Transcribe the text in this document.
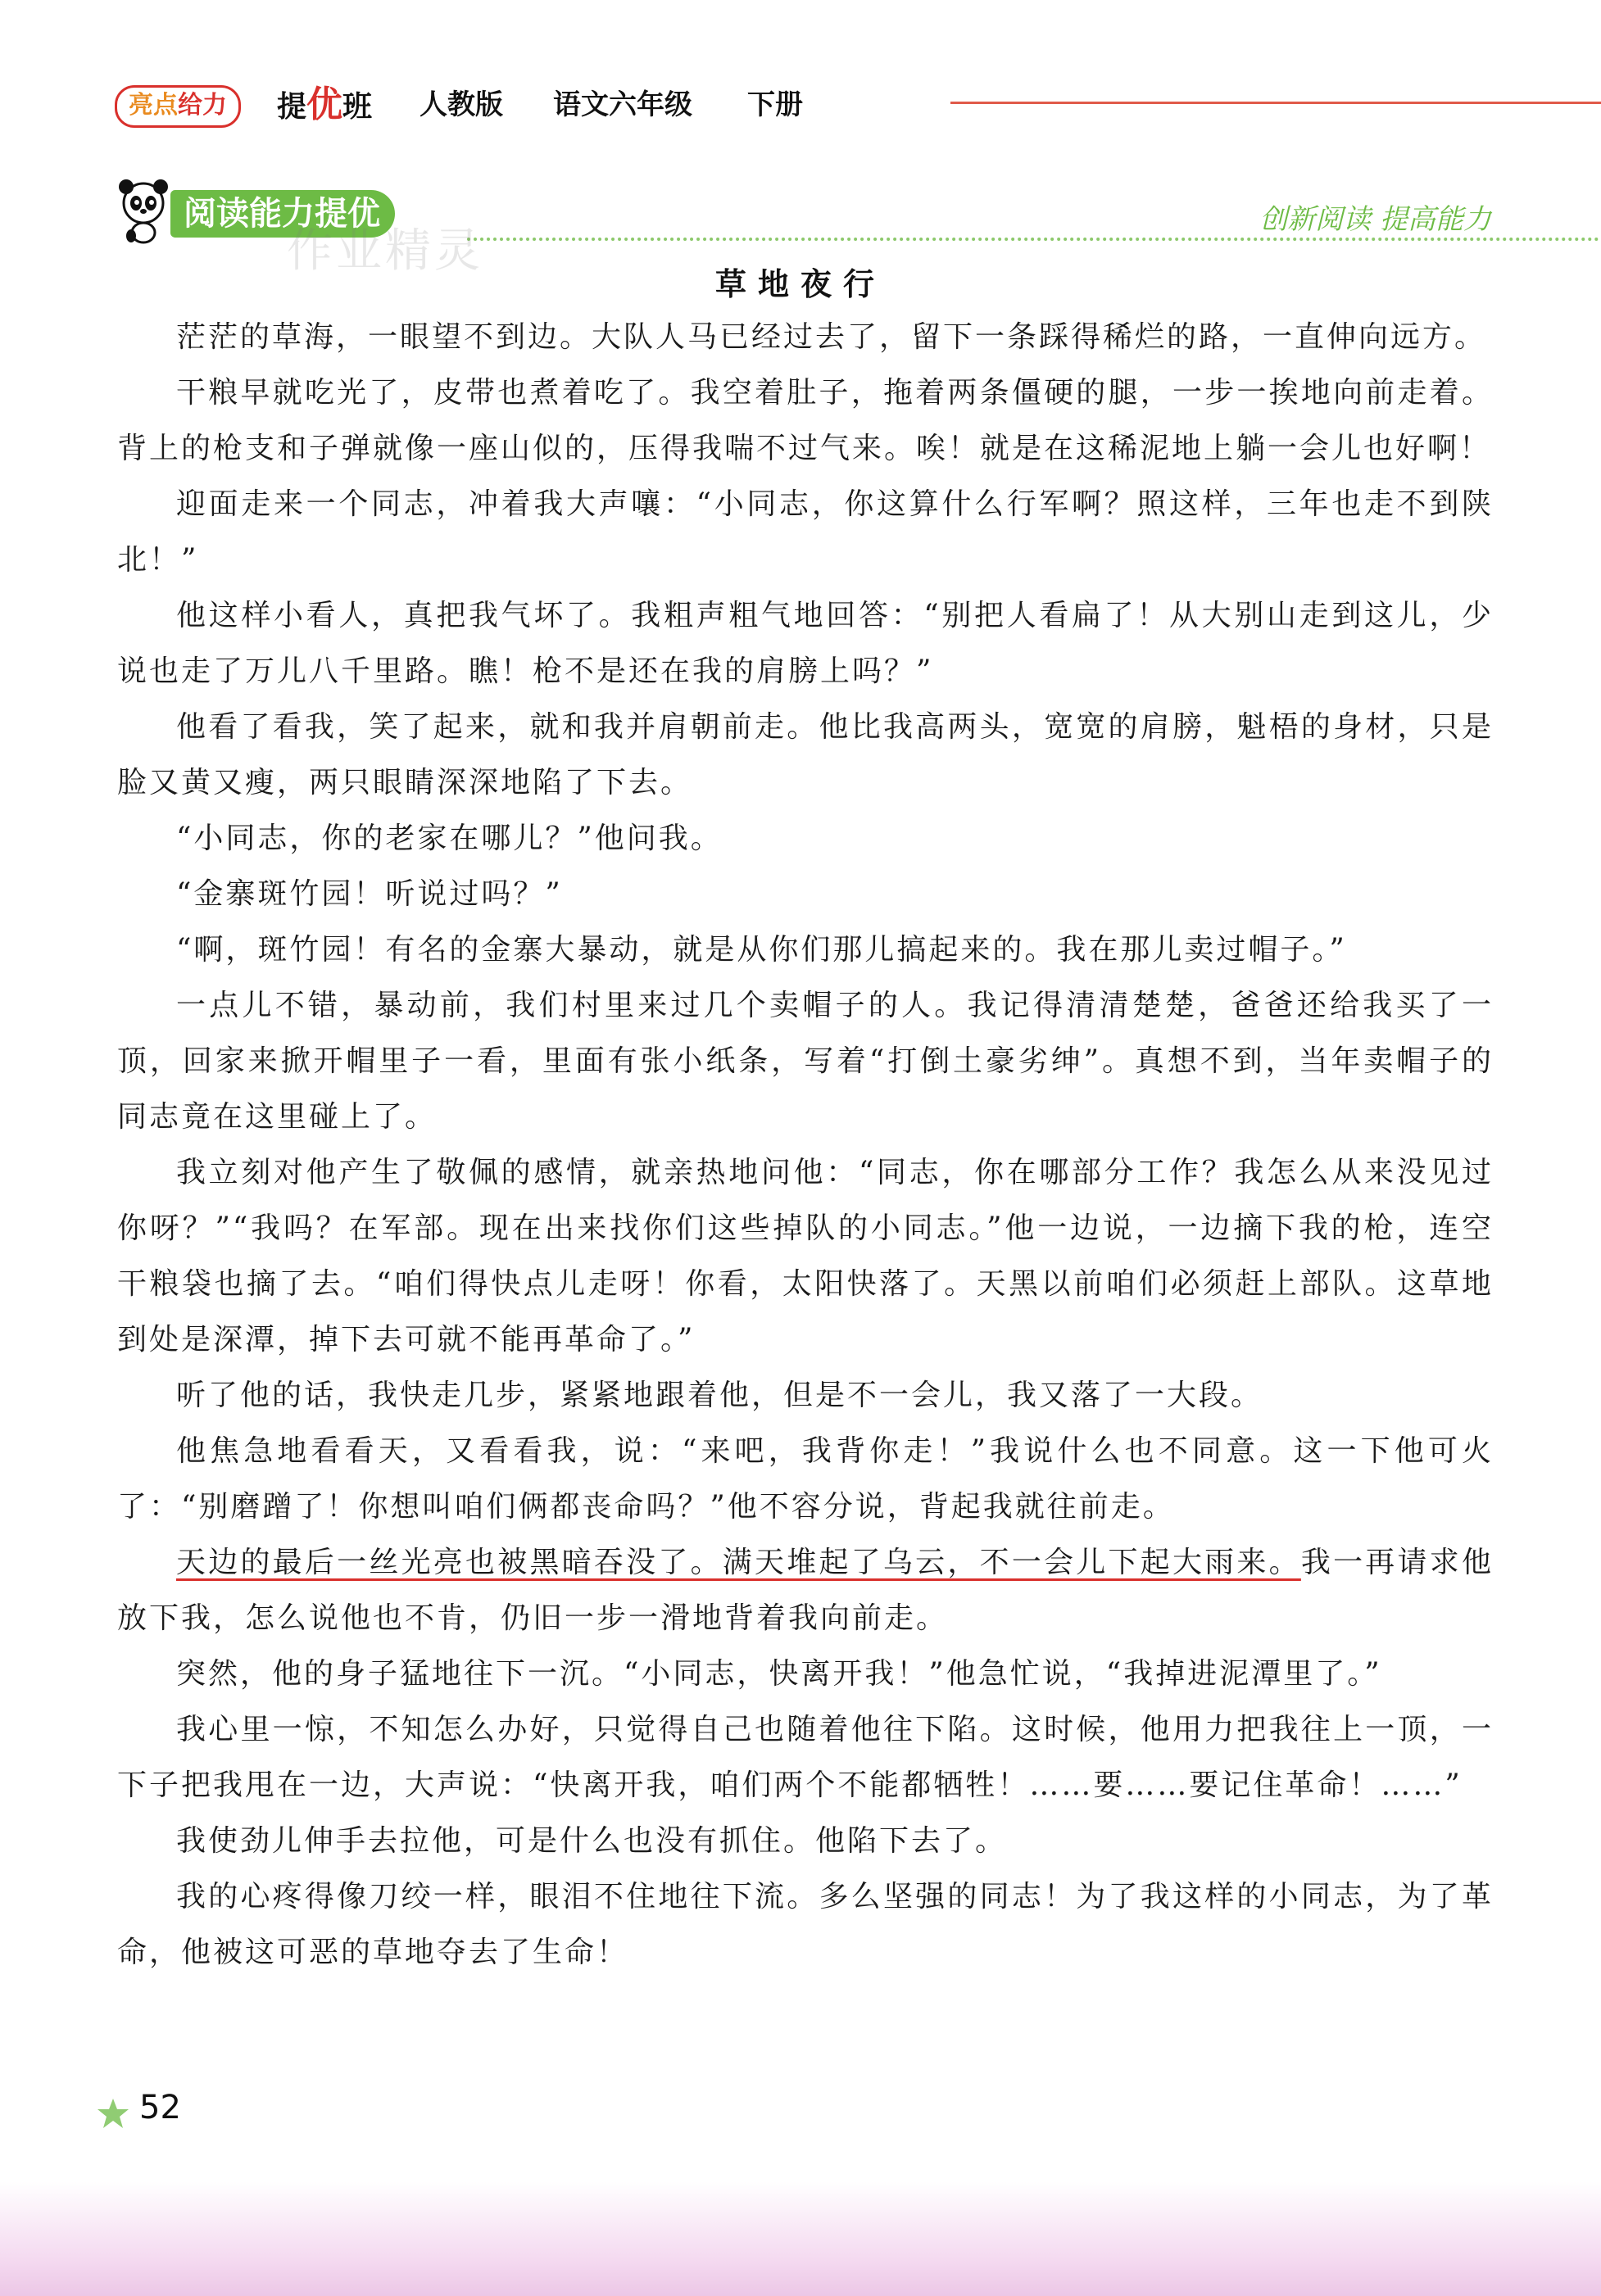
亮点给力	提优班 人教版 语文六年级 下册
阅读能力提优	创新阅读 提高能力
作业精灵
草地夜行

茫茫的草海，一眼望不到边。大队人马已经过去了，留下一条踩得稀烂的路，一直伸向远方。

干粮早就吃光了，皮带也煮着吃了。我空着肚子，拖着两条僵硬的腿，一步一挨地向前走着。背上的枪支和子弹就像一座山似的，压得我喘不过气来。唉！就是在这稀泥地上躺一会儿也好啊！

迎面走来一个同志，冲着我大声嚷：“小同志，你这算什么行军啊？照这样，三年也走不到陕北！”

他这样小看人，真把我气坏了。我粗声粗气地回答：“别把人看扁了！从大别山走到这儿，少说也走了万儿八千里路。瞧！枪不是还在我的肩膀上吗？”

他看了看我，笑了起来，就和我并肩朝前走。他比我高两头，宽宽的肩膀，魁梧的身材，只是脸又黄又瘦，两只眼睛深深地陷了下去。

“小同志，你的老家在哪儿？”他问我。

“金寨斑竹园！听说过吗？”

“啊，斑竹园！有名的金寨大暴动，就是从你们那儿搞起来的。我在那儿卖过帽子。”

一点儿不错，暴动前，我们村里来过几个卖帽子的人。我记得清清楚楚，爸爸还给我买了一顶，回家来掀开帽里子一看，里面有张小纸条，写着“打倒土豪劣绅”。真想不到，当年卖帽子的同志竟在这里碰上了。

我立刻对他产生了敬佩的感情，就亲热地问他：“同志，你在哪部分工作？我怎么从来没见过你呀？”“我吗？在军部。现在出来找你们这些掉队的小同志。”他一边说，一边摘下我的枪，连空干粮袋也摘了去。“咱们得快点儿走呀！你看，太阳快落了。天黑以前咱们必须赶上部队。这草地到处是深潭，掉下去可就不能再革命了。”

听了他的话，我快走几步，紧紧地跟着他，但是不一会儿，我又落了一大段。

他焦急地看看天，又看看我，说：“来吧，我背你走！”我说什么也不同意。这一下他可火了：“别磨蹭了！你想叫咱们俩都丧命吗？”他不容分说，背起我就往前走。

天边的最后一丝光亮也被黑暗吞没了。满天堆起了乌云，不一会儿下起大雨来。我一再请求他放下我，怎么说他也不肯，仍旧一步一滑地背着我向前走。

突然，他的身子猛地往下一沉。“小同志，快离开我！”他急忙说，“我掉进泥潭里了。”

我心里一惊，不知怎么办好，只觉得自己也随着他往下陷。这时候，他用力把我往上一顶，一下子把我甩在一边，大声说：“快离开我，咱们两个不能都牺牲！……要……要记住革命！……”

我使劲儿伸手去拉他，可是什么也没有抓住。他陷下去了。

我的心疼得像刀绞一样，眼泪不住地往下流。多么坚强的同志！为了我这样的小同志，为了革命，他被这可恶的草地夺去了生命！

52
